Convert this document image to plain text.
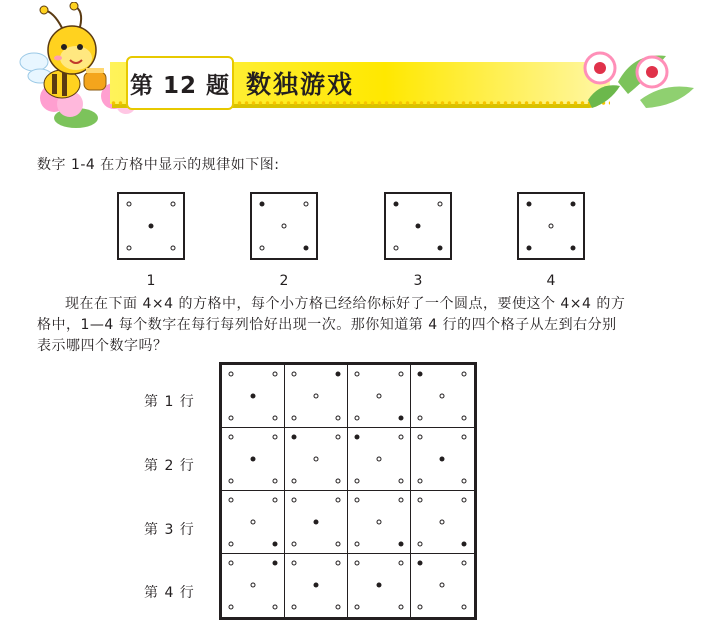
第 12 题 数独游戏
数字 1-4 在方格中显示的规律如下图:
1	2	3	4
现在在下面 4×4 的方格中，每个小方格已经给你标好了一个圆点，要使这个 4×4 的方
格中，1—4 每个数字在每行每列恰好出现一次。那你知道第 4 行的四个格子从左到右分别
表示哪四个数字吗？
第 1 行
第 2 行
第 3 行
第 4 行
